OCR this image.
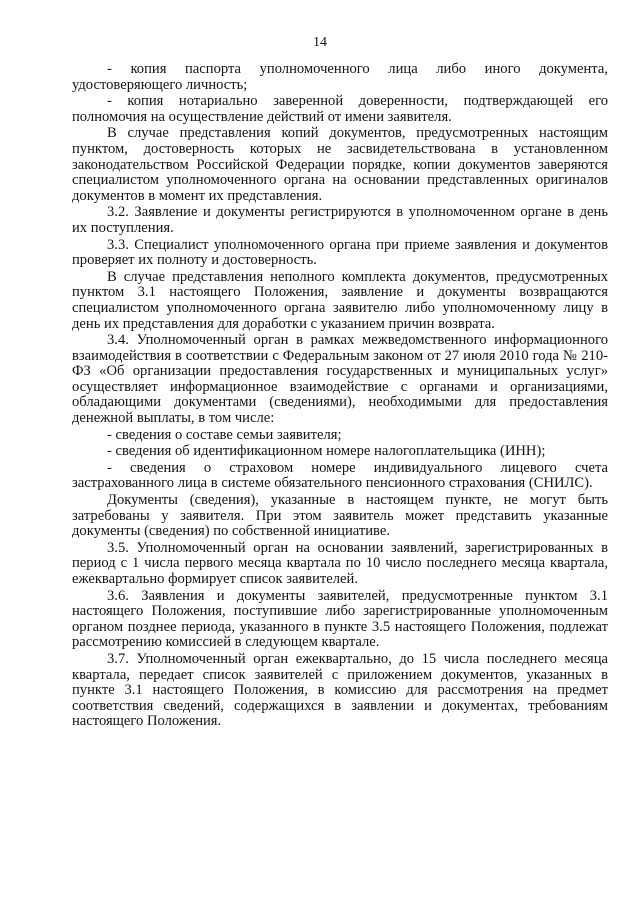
14

- копия паспорта уполномоченного лица либо иного документа, удостоверяющего личность;

- копия нотариально заверенной доверенности, подтверждающей его полномочия на осуществление действий от имени заявителя.

В случае представления копий документов, предусмотренных настоящим пунктом, достоверность которых не засвидетельствована в установленном законодательством Российской Федерации порядке, копии документов заверяются специалистом уполномоченного органа на основании представленных оригиналов документов в момент их представления.

3.2. Заявление и документы регистрируются в уполномоченном органе в день их поступления.

3.3. Специалист уполномоченного органа при приеме заявления и документов проверяет их полноту и достоверность.

В случае представления неполного комплекта документов, предусмотренных пунктом 3.1 настоящего Положения, заявление и документы возвращаются специалистом уполномоченного органа заявителю либо уполномоченному лицу в день их представления для доработки с указанием причин возврата.

3.4. Уполномоченный орган в рамках межведомственного информационного взаимодействия в соответствии с Федеральным законом от 27 июля 2010 года № 210-ФЗ «Об организации предоставления государственных и муниципальных услуг» осуществляет информационное взаимодействие с органами и организациями, обладающими документами (сведениями), необходимыми для предоставления денежной выплаты, в том числе:

- сведения о составе семьи заявителя;

- сведения об идентификационном номере налогоплательщика (ИНН);

- сведения о страховом номере индивидуального лицевого счета застрахованного лица в системе обязательного пенсионного страхования (СНИЛС).

Документы (сведения), указанные в настоящем пункте, не могут быть затребованы у заявителя. При этом заявитель может представить указанные документы (сведения) по собственной инициативе.

3.5. Уполномоченный орган на основании заявлений, зарегистрированных в период с 1 числа первого месяца квартала по 10 число последнего месяца квартала, ежеквартально формирует список заявителей.

3.6. Заявления и документы заявителей, предусмотренные пунктом 3.1 настоящего Положения, поступившие либо зарегистрированные уполномоченным органом позднее периода, указанного в пункте 3.5 настоящего Положения, подлежат рассмотрению комиссией в следующем квартале.

3.7. Уполномоченный орган ежеквартально, до 15 числа последнего месяца квартала, передает список заявителей с приложением документов, указанных в пункте 3.1 настоящего Положения, в комиссию для рассмотрения на предмет соответствия сведений, содержащихся в заявлении и документах, требованиям настоящего Положения.
